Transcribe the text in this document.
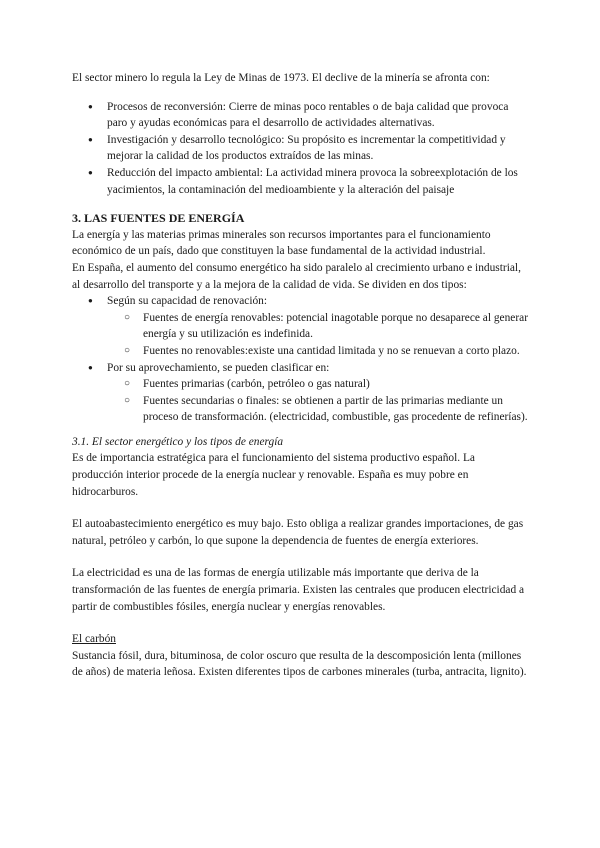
El sector minero lo regula la Ley de Minas de 1973. El declive de la minería se afronta con:

● Procesos de reconversión: Cierre de minas poco rentables o de baja calidad que provoca paro y ayudas económicas para el desarrollo de actividades alternativas.
● Investigación y desarrollo tecnológico: Su propósito es incrementar la competitividad y mejorar la calidad de los productos extraídos de las minas.
● Reducción del impacto ambiental: La actividad minera provoca la sobreexplotación de los yacimientos, la contaminación del medioambiente y la alteración del paisaje

3. LAS FUENTES DE ENERGÍA

La energía y las materias primas minerales son recursos importantes para el funcionamiento económico de un país, dado que constituyen la base fundamental de la actividad industrial.

En España, el aumento del consumo energético ha sido paralelo al crecimiento urbano e industrial, al desarrollo del transporte y a la mejora de la calidad de vida. Se dividen en dos tipos:

● Según su capacidad de renovación:
○ Fuentes de energía renovables: potencial inagotable porque no desaparece al generar energía y su utilización es indefinida.
○ Fuentes no renovables:existe una cantidad limitada y no se renuevan a corto plazo.
● Por su aprovechamiento, se pueden clasificar en:
○ Fuentes primarias (carbón, petróleo o gas natural)
○ Fuentes secundarias o finales: se obtienen a partir de las primarias mediante un proceso de transformación. (electricidad, combustible, gas procedente de refinerías).

3.1. El sector energético y los tipos de energía

Es de importancia estratégica para el funcionamiento del sistema productivo español. La producción interior procede de la energía nuclear y renovable. España es muy pobre en hidrocarburos.

El autoabastecimiento energético es muy bajo. Esto obliga a realizar grandes importaciones, de gas natural, petróleo y carbón, lo que supone la dependencia de fuentes de energía exteriores.

La electricidad es una de las formas de energía utilizable más importante que deriva de la transformación de las fuentes de energía primaria. Existen las centrales que producen electricidad a partir de combustibles fósiles, energía nuclear y energías renovables.

El carbón

Sustancia fósil, dura, bituminosa, de color oscuro que resulta de la descomposición lenta (millones de años) de materia leñosa. Existen diferentes tipos de carbones minerales (turba, antracita, lignito).
